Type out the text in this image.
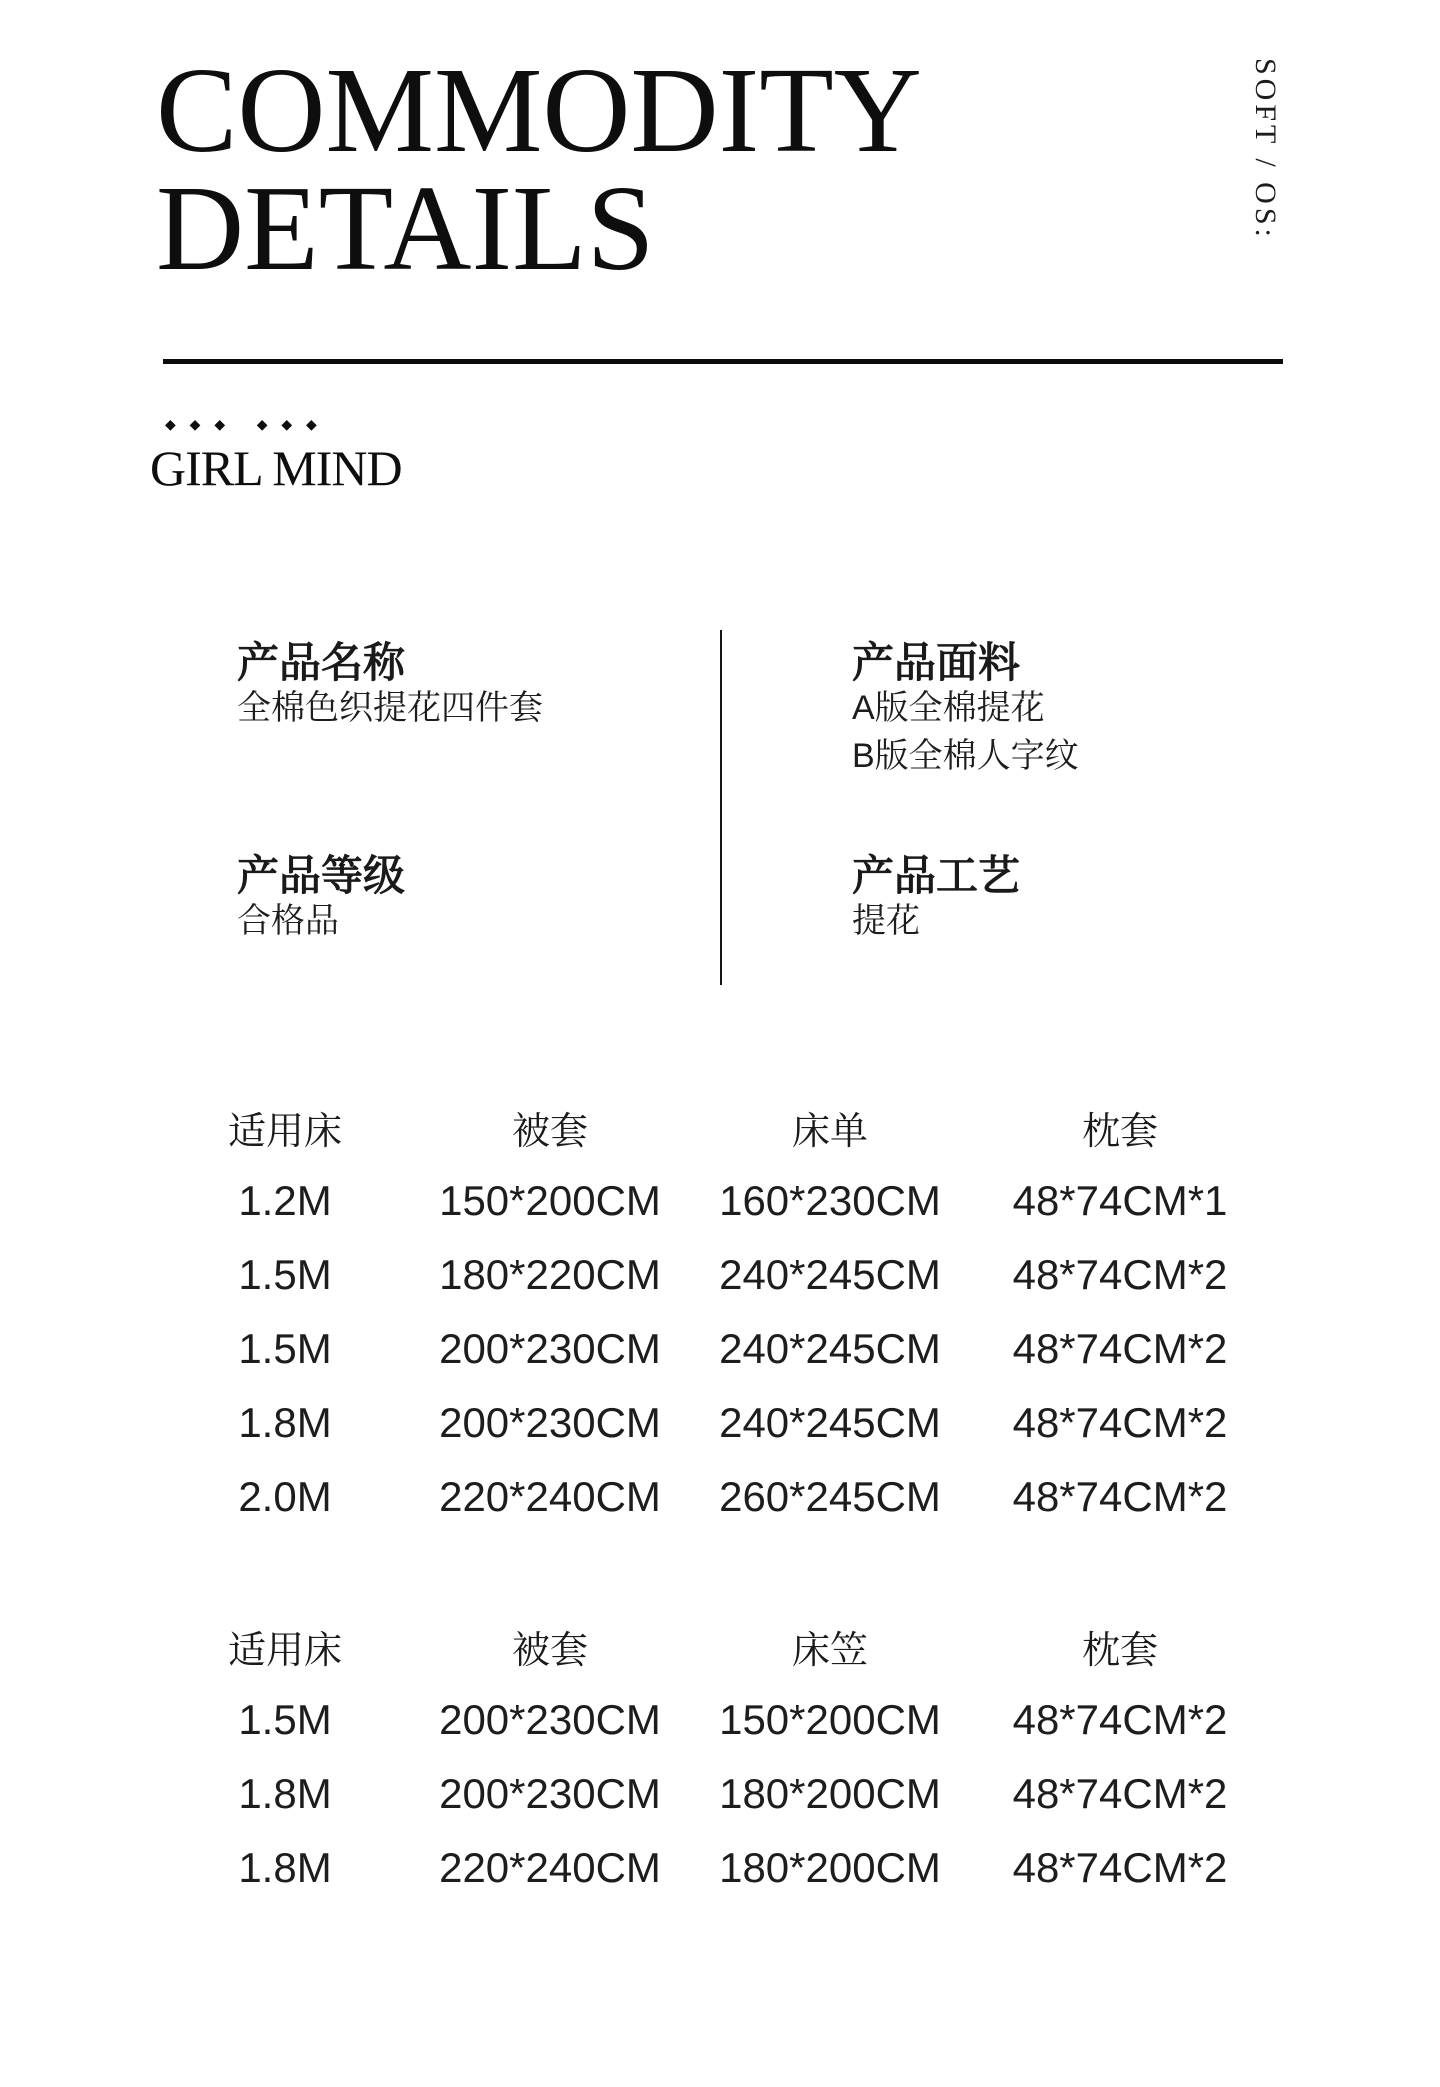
COMMODITY
DETAILS	SOFT / OS:
◆ ◆ ◆   ◆ ◆ ◆
GIRL MIND
产品名称
全棉色织提花四件套
产品面料
A版全棉提花
B版全棉人字纹
产品等级
合格品
产品工艺
提花
适用床	被套	床单	枕套
1.2M	150*200CM	160*230CM	48*74CM*1
1.5M	180*220CM	240*245CM	48*74CM*2
1.5M	200*230CM	240*245CM	48*74CM*2
1.8M	200*230CM	240*245CM	48*74CM*2
2.0M	220*240CM	260*245CM	48*74CM*2
适用床	被套	床笠	枕套
1.5M	200*230CM	150*200CM	48*74CM*2
1.8M	200*230CM	180*200CM	48*74CM*2
1.8M	220*240CM	180*200CM	48*74CM*2
